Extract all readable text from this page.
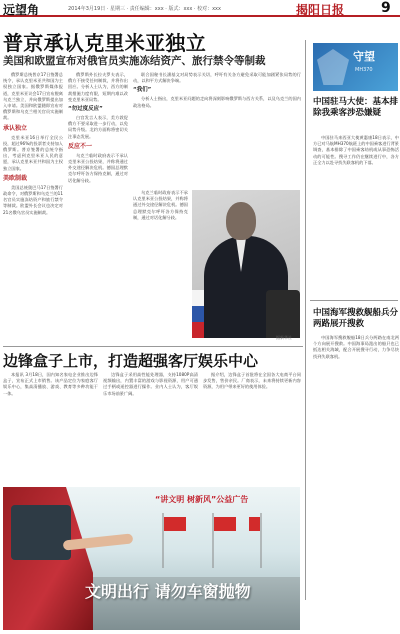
远望角	2014年3月19日 · 星期三 · 责任编辑：xxx · 版式：xxx · 校对：xxx	揭阳日报	9
普京承认克里米亚独立
美国和欧盟宣布对俄官员实施冻结资产、旅行禁令等制裁

俄罗斯总统普京17日签署总统令，承认克里米亚共和国为主权独立国家。据俄罗斯媒体报道，克里米亚议会17日宣布脱离乌克兰独立，并向俄罗斯提出加入申请。美国和欧盟随即宣布对俄罗斯和乌克兰相关官员实施制裁。

承认独立

克里米亚16日举行全民公投，超过96%的投票者支持加入俄罗斯。普京签署的总统令指出，考虑到克里米亚人民的意愿，承认克里米亚共和国为主权独立国家。

美欧制裁

美国总统奥巴马17日签署行政命令，对俄罗斯和乌克兰的11名官员实施冻结资产和旅行禁令等制裁。欧盟外长会议也决定对21名俄乌官员实施制裁。

俄罗斯外长拉夫罗夫表示，俄方不接受任何制裁，并将作出回应。分析人士认为，西方的制裁措施力度有限，短期内难以改变克里米亚局势。

“勿过度反应”

白宫发言人表示，美方敦促俄方不要采取进一步行动，以免局势升级。北约方面称将密切关注事态发展。

反应不一

乌克兰临时政府表示不承认克里米亚公投结果，并称将通过外交途径解决危机。德国总理默克尔呼吁各方保持克制，通过对话化解分歧。

联合国秘书长潘基文对局势表示关切，呼吁有关各方避免采取可能加剧紧张局势的行动，以和平方式解决争端。

“我们”

分析人士指出，克里米亚问题的走向将深刻影响俄罗斯与西方关系，以及乌克兰的国内政治格局。

乌克兰临时政府表示不承认克里米亚公投结果，并称将通过外交途径解决危机。德国总理默克尔呼吁各方保持克制，通过对话化解分歧。

据新华社
边锋盒子上市，打造超强客厅娱乐中心

本报讯 3月18日，国内知名家电企业推出边锋盒子，宣布正式上市销售。该产品定位为家庭客厅娱乐中心，集高清播放、游戏、教育等多种功能于一体。

边锋盒子采用高性能处理器，支持1080P高清视频输出，内置丰富的游戏与影视资源，用户可通过手柄或遥控器进行操作。业内人士认为，客厅娱乐市场前景广阔。

据介绍，边锋盒子首批将在全国各大电商平台同步发售，售价亲民。厂商表示，未来将持续更新内容资源，为用户带来更好的使用体验。

守望
MH370
中国驻马大使：基本排除我乘客涉恐嫌疑

中国驻马来西亚大使黄惠康18日表示，中方已对马航MH370航班上的中国乘客进行背景调查，基本排除了中国乘客劫机或从事恐怖活动的可能性。搜寻工作仍在继续进行中，各方正全力以赴寻找失联客机的下落。

中国海军搜救舰船兵分两路展开搜救

中国海军搜救舰船18日兵分两路在南北两个方向展开搜救。中国海事局派出的船只也已抵达相关海域，配合开展搜寻行动，力争尽快找到失联客机。

“讲文明 树新风”公益广告
文明出行 请勿车窗抛物
